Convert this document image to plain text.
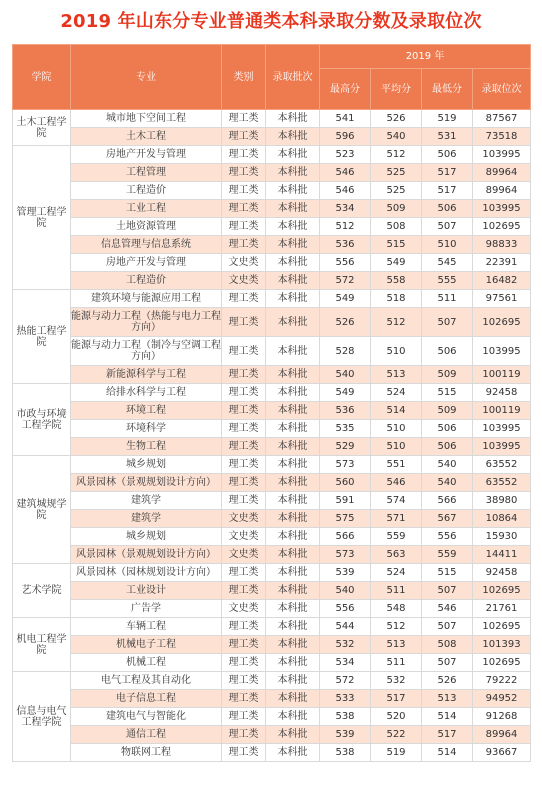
2019 年山东分专业普通类本科录取分数及录取位次
学院	专业	类别	录取批次	2019 年			
				最高分	平均分	最低分	录取位次
土木工程学院	城市地下空间工程	理工类	本科批	541	526	519	87567
	土木工程	理工类	本科批	596	540	531	73518
管理工程学院	房地产开发与管理	理工类	本科批	523	512	506	103995
	工程管理	理工类	本科批	546	525	517	89964
	工程造价	理工类	本科批	546	525	517	89964
	工业工程	理工类	本科批	534	509	506	103995
	土地资源管理	理工类	本科批	512	508	507	102695
	信息管理与信息系统	理工类	本科批	536	515	510	98833
	房地产开发与管理	文史类	本科批	556	549	545	22391
	工程造价	文史类	本科批	572	558	555	16482
热能工程学院	建筑环境与能源应用工程	理工类	本科批	549	518	511	97561
	能源与动力工程（热能与电力工程方向）	理工类	本科批	526	512	507	102695
	能源与动力工程（制冷与空调工程方向）	理工类	本科批	528	510	506	103995
	新能源科学与工程	理工类	本科批	540	513	509	100119
市政与环境工程学院	给排水科学与工程	理工类	本科批	549	524	515	92458
	环境工程	理工类	本科批	536	514	509	100119
	环境科学	理工类	本科批	535	510	506	103995
	生物工程	理工类	本科批	529	510	506	103995
建筑城规学院	城乡规划	理工类	本科批	573	551	540	63552
	风景园林（景观规划设计方向）	理工类	本科批	560	546	540	63552
	建筑学	理工类	本科批	591	574	566	38980
	建筑学	文史类	本科批	575	571	567	10864
	城乡规划	文史类	本科批	566	559	556	15930
	风景园林（景观规划设计方向）	文史类	本科批	573	563	559	14411
艺术学院	风景园林（园林规划设计方向）	理工类	本科批	539	524	515	92458
	工业设计	理工类	本科批	540	511	507	102695
	广告学	文史类	本科批	556	548	546	21761
机电工程学院	车辆工程	理工类	本科批	544	512	507	102695
	机械电子工程	理工类	本科批	532	513	508	101393
	机械工程	理工类	本科批	534	511	507	102695
信息与电气工程学院	电气工程及其自动化	理工类	本科批	572	532	526	79222
	电子信息工程	理工类	本科批	533	517	513	94952
	建筑电气与智能化	理工类	本科批	538	520	514	91268
	通信工程	理工类	本科批	539	522	517	89964
	物联网工程	理工类	本科批	538	519	514	93667
